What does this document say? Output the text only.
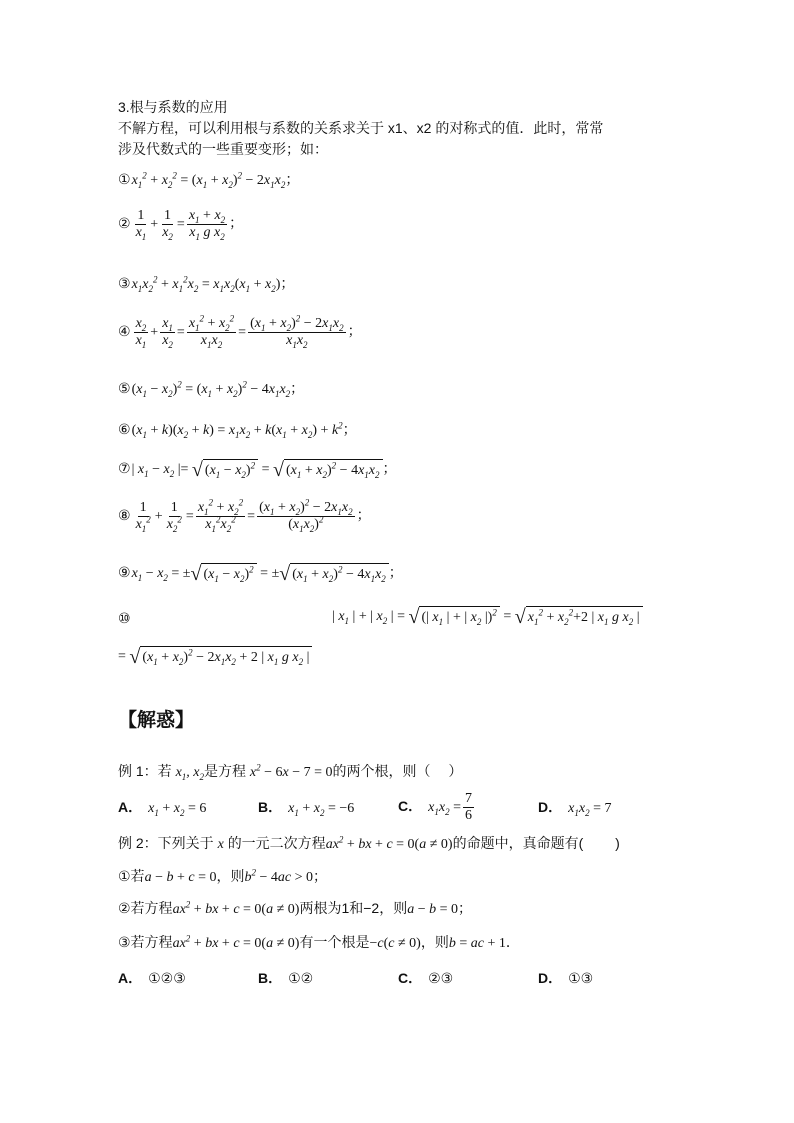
3.根与系数的应用
不解方程，可以利用根与系数的关系求关于 x1、x2 的对称式的值．此时，常常
涉及代数式的一些重要变形；如：
$①x_1^2 + x_2^2 = (x_1 + x_2)^2 - 2x_1x_2$；
② $\frac{1}{x_1} + \frac{1}{x_2} = \frac{x_1 + x_2}{x_1 g x_2}$ ；
$③x_1x_2^2 + x_1^2x_2 = x_1x_2(x_1 + x_2)$；
④ $\frac{x_2}{x_1} + \frac{x_1}{x_2} = \frac{x_1^2 + x_2^2}{x_1x_2} = \frac{(x_1 + x_2)^2 - 2x_1x_2}{x_1x_2}$ ；
$⑤(x_1 - x_2)^2 = (x_1 + x_2)^2 - 4x_1x_2$；
$⑥(x_1 + k)(x_2 + k) = x_1x_2 + k(x_1 + x_2) + k^2$；
⑦| $x_1 - x_2$ |= √ $(x_1 - x_2)^2$ = √ $(x_1 + x_2)^2 - 4x_1x_2$ ；
⑧ $\frac{1}{x_1^2} + \frac{1}{x_2^2} = \frac{x_1^2 + x_2^2}{x_1^2x_2^2} = \frac{(x_1 + x_2)^2 - 2x_1x_2}{(x_1x_2)^2}$ ；
$⑨x_1 - x_2$ = ± √ $(x_1 - x_2)^2$ = ± √ $(x_1 + x_2)^2 - 4x_1x_2$ ；
⑩	| $x_1$ | + | $x_2$ | = √ (| $x_1$ | + | $x_2$ |)$^2$ = √ $x_1^2 + x_2^2+2$ | $x_1$ g $x_2$ |
= √ $(x_1 + x_2)^2 - 2x_1x_2 + 2$ | $x_1$ g $x_2$ |
【解惑】
例 1：若 $x_1$, $x_2$是方程 $x^2 - 6x - 7 = 0$的两个根，则（　 ）
A． $x_1 + x_2 = 6$	B． $x_1 + x_2 = -6$	C． $x_1x_2 = \frac{7}{6}$	D． $x_1x_2 = 7$
例 2：下列关于 x 的一元二次方程$ax^2$ + bx + c = 0(a ≠ 0)的命题中，真命题有(　　 )
①若a − b + c = 0，则$b^2 - 4ac > 0$；
②若方程$ax^2$ + bx + c = 0(a ≠ 0)两根为1和−2，则a − b = 0；
③若方程$ax^2$ + bx + c = 0(a ≠ 0)有一个根是−c(c ≠ 0)，则b = ac + 1．
A． ①②③	B． ①②	C． ②③	D． ①③
